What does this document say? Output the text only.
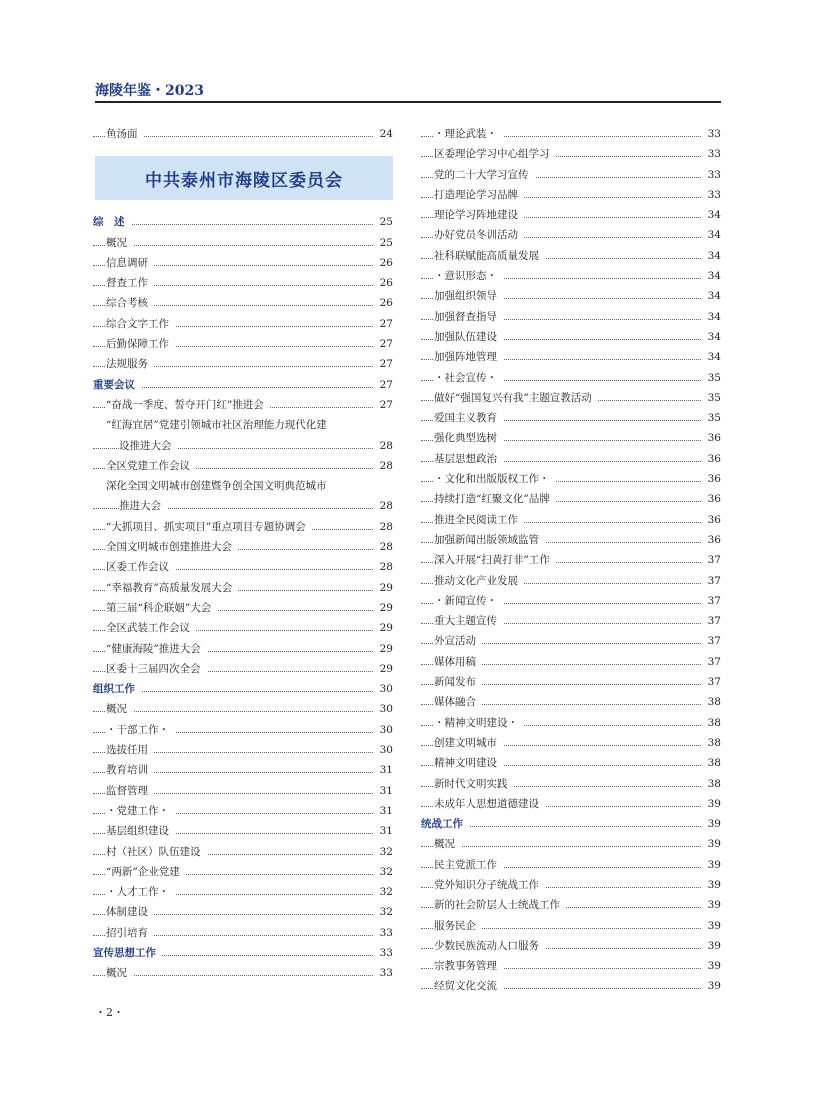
海陵年鉴・2023
鱼汤面	24
中共泰州市海陵区委员会
综　述	25
概况	25
信息调研	26
督查工作	26
综合考核	26
综合文字工作	27
后勤保障工作	27
法规服务	27
重要会议	27
“奋战一季度、誓夺开门红”推进会	27
“红海宜居”党建引领城市社区治理能力现代化建
设推进大会	28
全区党建工作会议	28
深化全国文明城市创建暨争创全国文明典范城市
推进大会	28
“大抓项目、抓实项目”重点项目专题协调会	28
全国文明城市创建推进大会	28
区委工作会议	28
“幸福教育”高质量发展大会	29
第三届“科企联姻”大会	29
全区武装工作会议	29
“健康海陵”推进大会	29
区委十三届四次全会	29
组织工作	30
概况	30
・干部工作・	30
选拔任用	30
教育培训	31
监督管理	31
・党建工作・	31
基层组织建设	31
村（社区）队伍建设	32
“两新”企业党建	32
・人才工作・	32
体制建设	32
招引培育	33
宣传思想工作	33
概况	33
・理论武装・	33
区委理论学习中心组学习	33
党的二十大学习宣传	33
打造理论学习品牌	33
理论学习阵地建设	34
办好党员冬训活动	34
社科联赋能高质量发展	34
・意识形态・	34
加强组织领导	34
加强督查指导	34
加强队伍建设	34
加强阵地管理	34
・社会宣传・	35
做好“强国复兴有我”主题宣教活动	35
爱国主义教育	35
强化典型选树	36
基层思想政治	36
・文化和出版版权工作・	36
持续打造“红聚文化”品牌	36
推进全民阅读工作	36
加强新闻出版领域监管	36
深入开展“扫黄打非”工作	37
推动文化产业发展	37
・新闻宣传・	37
重大主题宣传	37
外宣活动	37
媒体用稿	37
新闻发布	37
媒体融合	38
・精神文明建设・	38
创建文明城市	38
精神文明建设	38
新时代文明实践	38
未成年人思想道德建设	39
统战工作	39
概况	39
民主党派工作	39
党外知识分子统战工作	39
新的社会阶层人士统战工作	39
服务民企	39
少数民族流动人口服务	39
宗教事务管理	39
经贸文化交流	39
・2・
